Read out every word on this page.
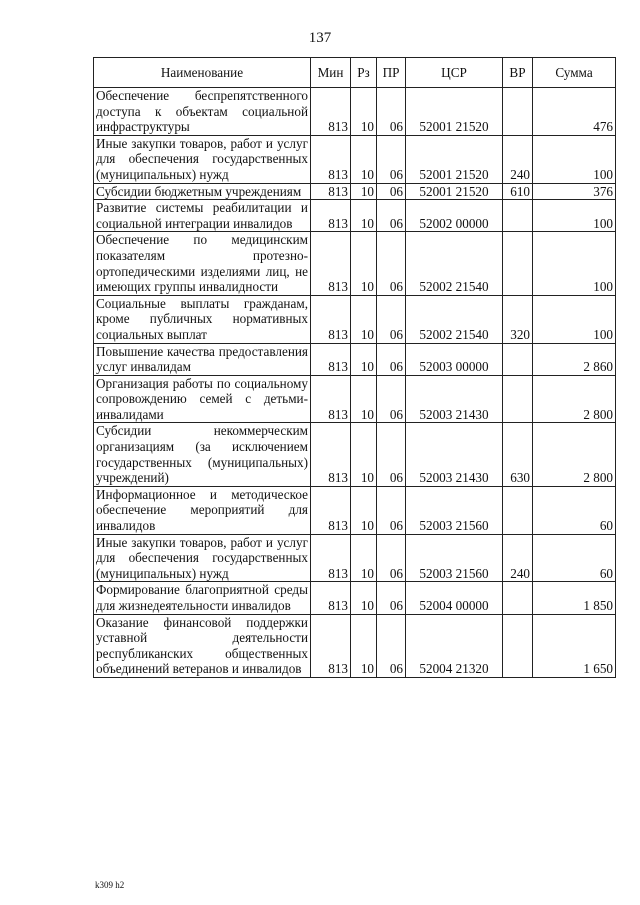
137
Наименование	Мин	Рз	ПР	ЦСР	ВР	Сумма
Обеспечение беспрепятственного доступа к объектам социальной инфраструктуры	813	10	06	52001 21520		476
Иные закупки товаров, работ и услуг для обеспечения государственных (муниципальных) нужд	813	10	06	52001 21520	240	100
Субсидии бюджетным учреждениям	813	10	06	52001 21520	610	376
Развитие системы реабилитации и социальной интеграции инвалидов	813	10	06	52002 00000		100
Обеспечение по медицинским показателям протезно-ортопедическими изделиями лиц, не имеющих группы инвалидности	813	10	06	52002 21540		100
Социальные выплаты гражданам, кроме публичных нормативных социальных выплат	813	10	06	52002 21540	320	100
Повышение качества предоставления услуг инвалидам	813	10	06	52003 00000		2 860
Организация работы по социальному сопровождению семей с детьми-инвалидами	813	10	06	52003 21430		2 800
Субсидии некоммерческим организациям (за исключением государственных (муниципальных) учреждений)	813	10	06	52003 21430	630	2 800
Информационное и методическое обеспечение мероприятий для инвалидов	813	10	06	52003 21560		60
Иные закупки товаров, работ и услуг для обеспечения государственных (муниципальных) нужд	813	10	06	52003 21560	240	60
Формирование благоприятной среды для жизнедеятельности инвалидов	813	10	06	52004 00000		1 850
Оказание финансовой поддержки уставной деятельности республиканских общественных объединений ветеранов и инвалидов	813	10	06	52004 21320		1 650
k309 h2
